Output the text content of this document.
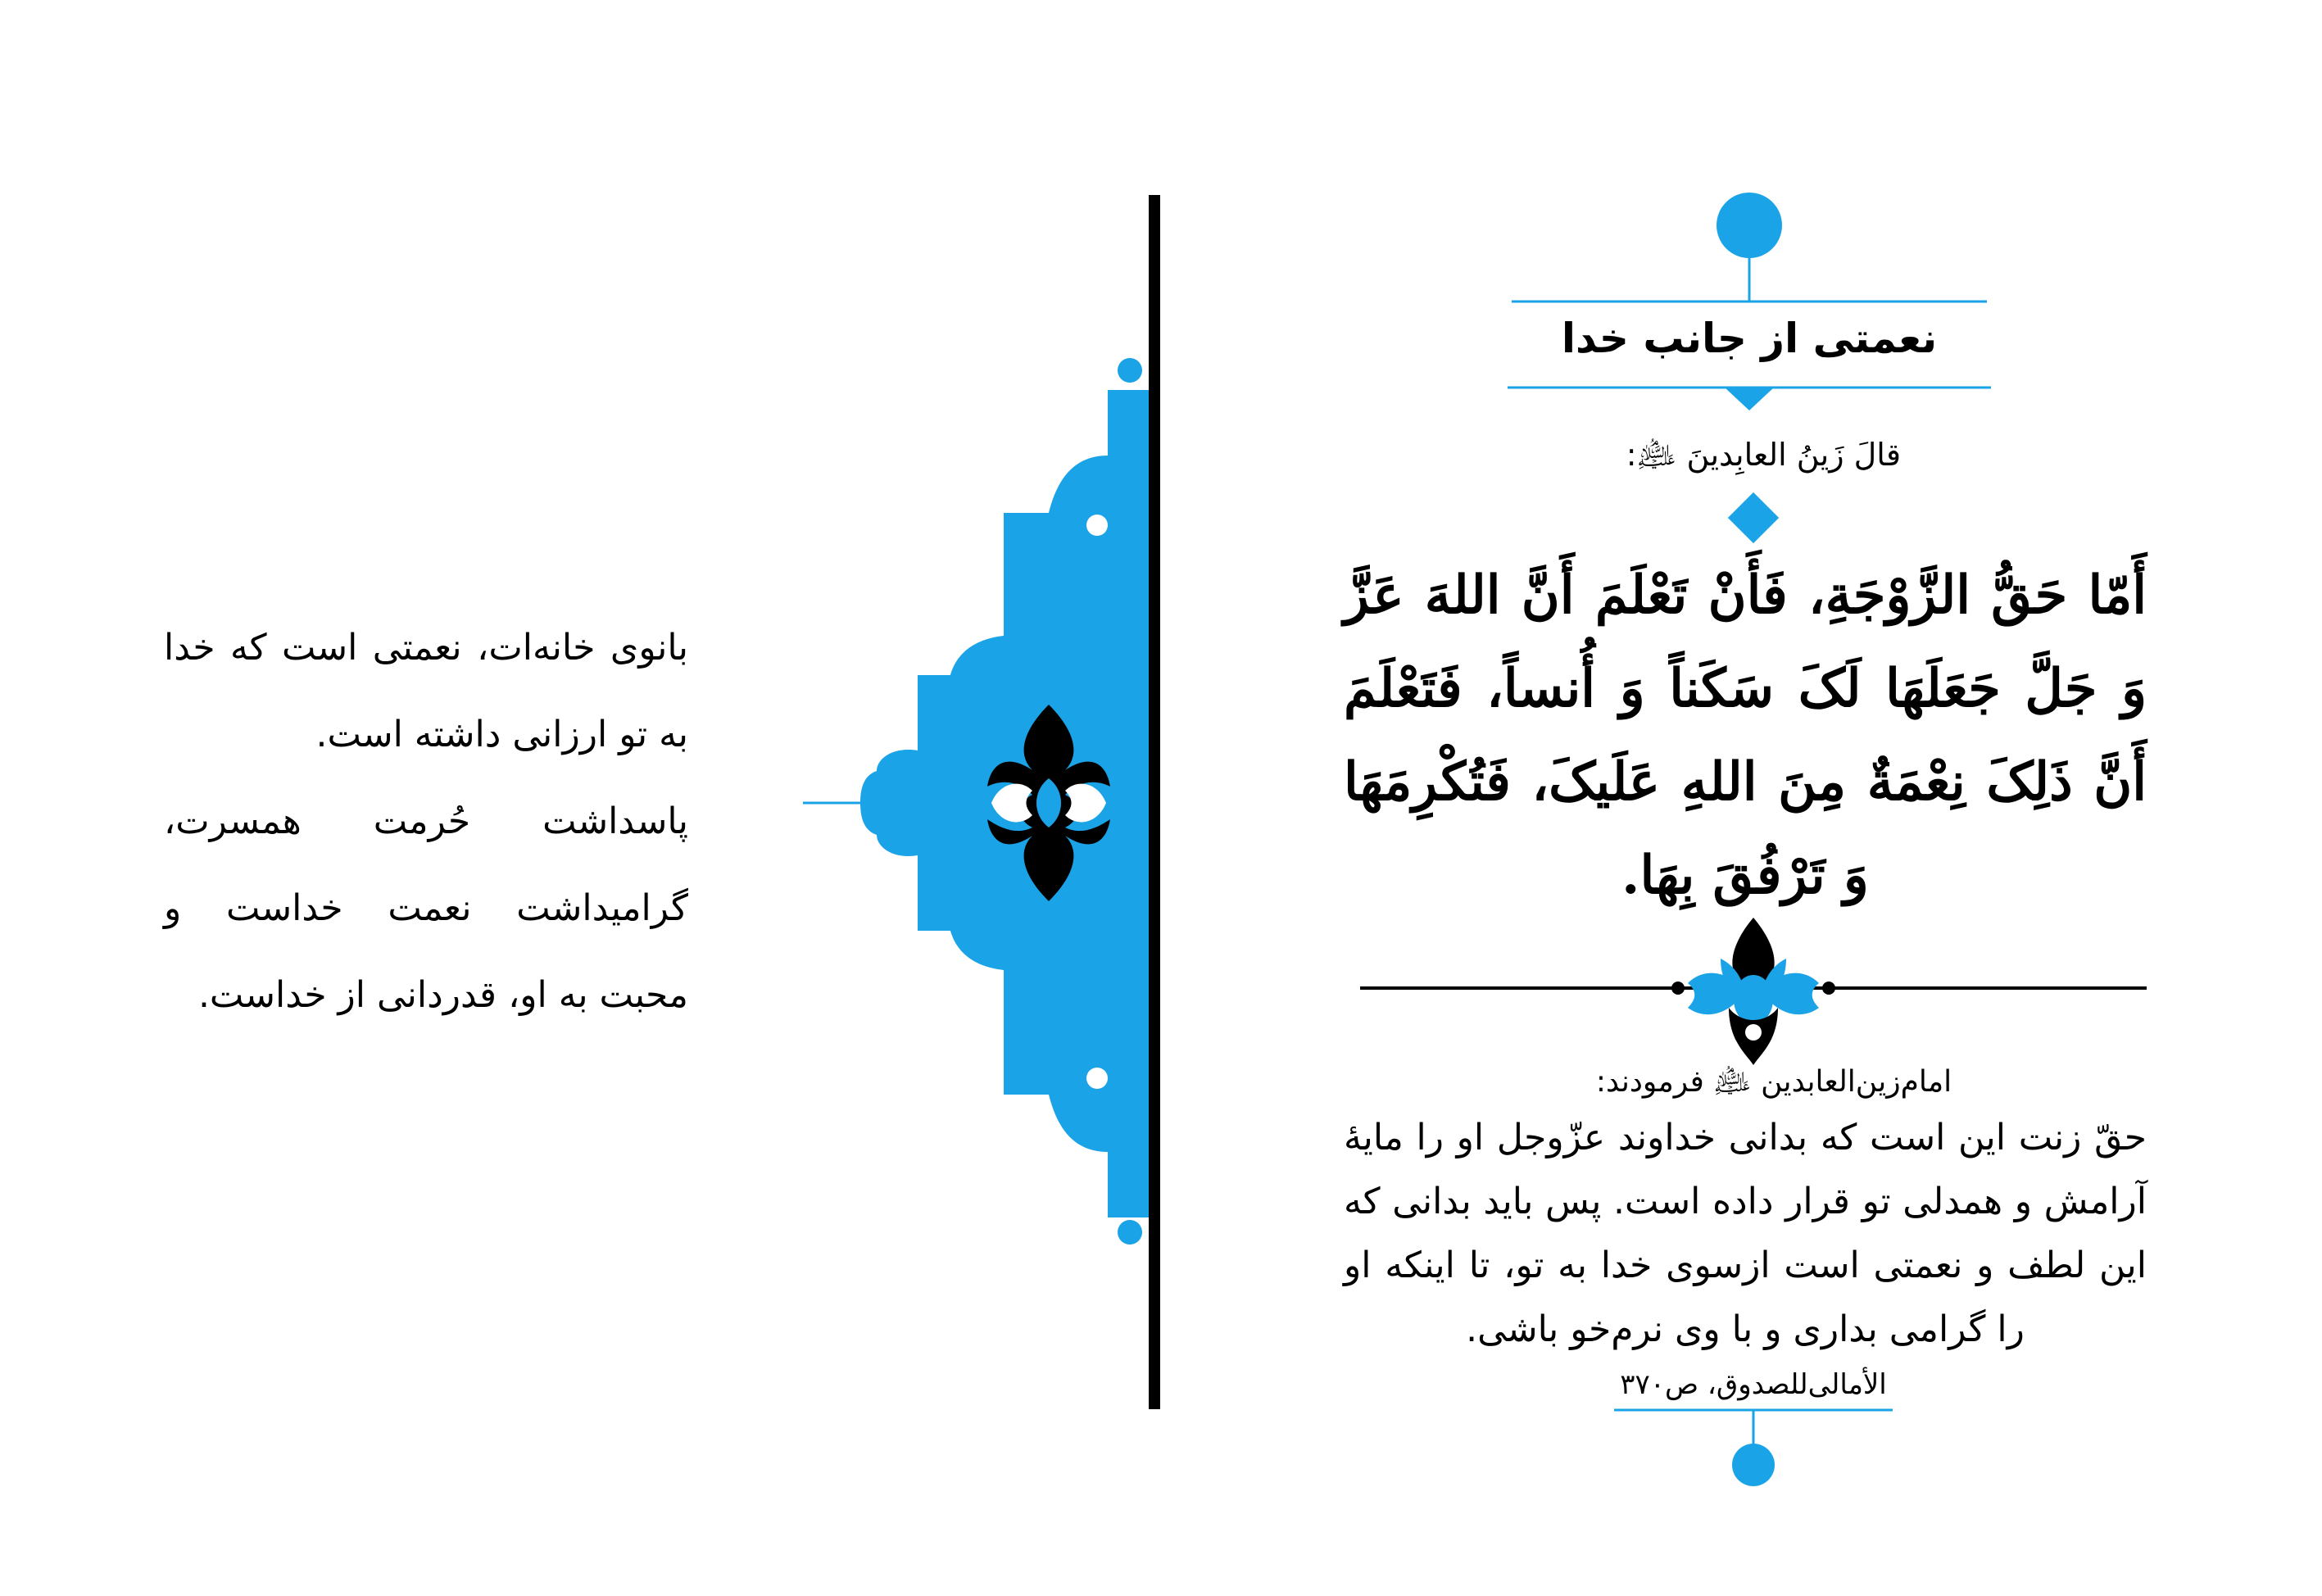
بانوی خانه‌ات، نعمتی است که خدا به تو ارزانی داشته است.

پاسداشت حُرمت همسرت، گرامیداشت نعمت خداست و محبت به او، قدردانی از خداست.

نعمتی از جانب خدا
قالَ زَینُ العابِدینَ ﵇:

أَمّا حَقُّ الزَّوْجَةِ، فَأَنْ تَعْلَمَ أَنَّ اللهَ عَزَّ وَ جَلَّ جَعَلَهَا لَکَ سَکَناً وَ أُنساً، فَتَعْلَمَ أَنَّ ذَلِکَ نِعْمَةٌ مِنَ اللهِ عَلَیکَ، فَتُکْرِمَهَا وَ تَرْفُقَ بِهَا.

امام‌زین‌العابدین ﵇ فرمودند:

حقّ زنت این است که بدانی خداوند عزّوجل او را مایهٔ آرامش و همدلی تو قرار داده است. پس باید بدانی که این لطف و نعمتی است ازسوی خدا به تو، تا اینکه او را گرامی بداری و با وی نرم‌خو باشی.

الأمالی‌للصدوق، ص۳۷۰
